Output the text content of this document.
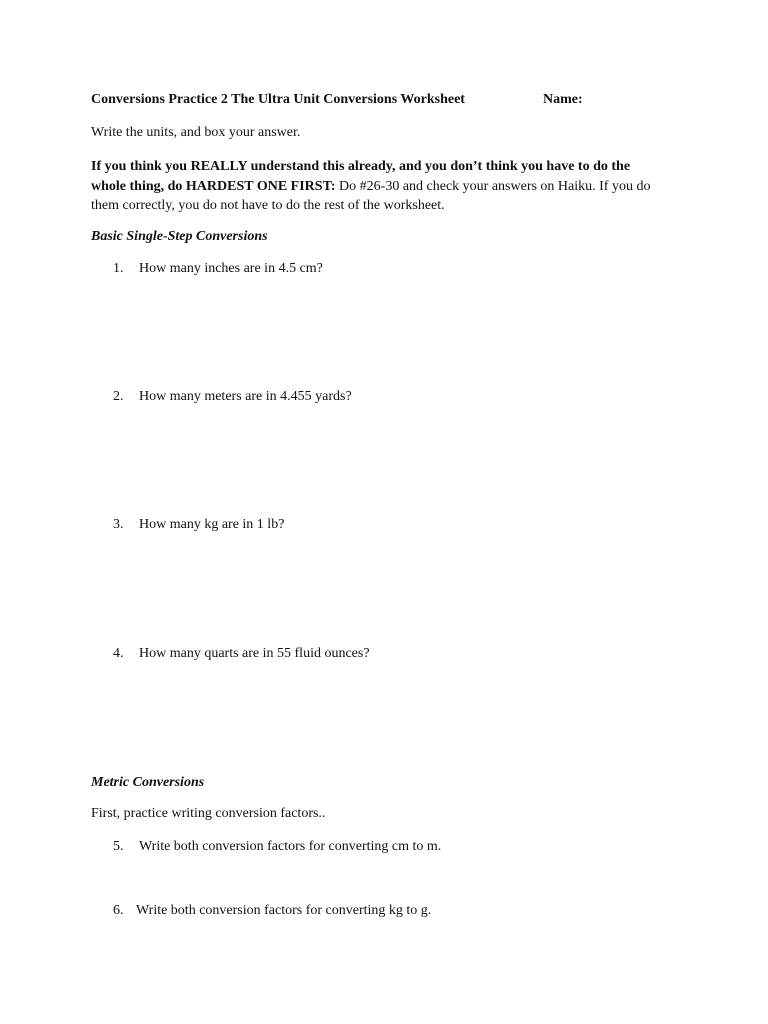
Conversions Practice 2 The Ultra Unit Conversions Worksheet	Name:

Write the units, and box your answer.

If you think you REALLY understand this already, and you don’t think you have to do the
whole thing, do HARDEST ONE FIRST: Do #26-30 and check your answers on Haiku. If you do
them correctly, you do not have to do the rest of the worksheet.

Basic Single-Step Conversions

1. How many inches are in 4.5 cm?

2. How many meters are in 4.455 yards?

3. How many kg are in 1 lb?

4. How many quarts are in 55 fluid ounces?

Metric Conversions

First, practice writing conversion factors..

5. Write both conversion factors for converting cm to m.

6. Write both conversion factors for converting kg to g.
